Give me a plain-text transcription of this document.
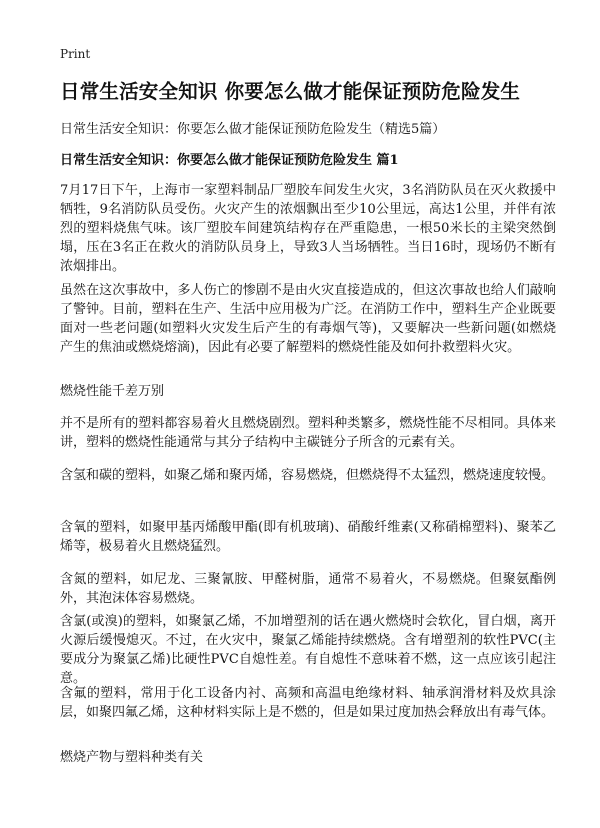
Print
日常生活安全知识 你要怎么做才能保证预防危险发生
日常生活安全知识：你要怎么做才能保证预防危险发生（精选5篇）
日常生活安全知识：你要怎么做才能保证预防危险发生 篇1
7月17日下午，上海市一家塑料制品厂塑胶车间发生火灾，3名消防队员在灭火救援中牺牲，9名消防队员受伤。火灾产生的浓烟飘出至少10公里远，高达1公里，并伴有浓烈的塑料烧焦气味。该厂塑胶车间建筑结构存在严重隐患，一根50米长的主梁突然倒塌，压在3名正在救火的消防队员身上，导致3人当场牺牲。当日16时，现场仍不断有浓烟排出。
虽然在这次事故中，多人伤亡的惨剧不是由火灾直接造成的，但这次事故也给人们敲响了警钟。目前，塑料在生产、生活中应用极为广泛。在消防工作中，塑料生产企业既要面对一些老问题(如塑料火灾发生后产生的有毒烟气等)，又要解决一些新问题(如燃烧产生的焦油或燃烧熔滴)，因此有必要了解塑料的燃烧性能及如何扑救塑料火灾。
燃烧性能千差万别
并不是所有的塑料都容易着火且燃烧剧烈。塑料种类繁多，燃烧性能不尽相同。具体来讲，塑料的燃烧性能通常与其分子结构中主碳链分子所含的元素有关。
含氢和碳的塑料，如聚乙烯和聚丙烯，容易燃烧，但燃烧得不太猛烈，燃烧速度较慢。
含氧的塑料，如聚甲基丙烯酸甲酯(即有机玻璃)、硝酸纤维素(又称硝棉塑料)、聚苯乙烯等，极易着火且燃烧猛烈。
含氮的塑料，如尼龙、三聚氰胺、甲醛树脂，通常不易着火，不易燃烧。但聚氨酯例外，其泡沫体容易燃烧。
含氯(或溴)的塑料，如聚氯乙烯，不加增塑剂的话在遇火燃烧时会软化，冒白烟，离开火源后缓慢熄灭。不过，在火灾中，聚氯乙烯能持续燃烧。含有增塑剂的软性PVC(主要成分为聚氯乙烯)比硬性PVC自熄性差。有自熄性不意味着不燃，这一点应该引起注意。
含氟的塑料，常用于化工设备内衬、高频和高温电绝缘材料、轴承润滑材料及炊具涂层，如聚四氟乙烯，这种材料实际上是不燃的，但是如果过度加热会释放出有毒气体。
燃烧产物与塑料种类有关
